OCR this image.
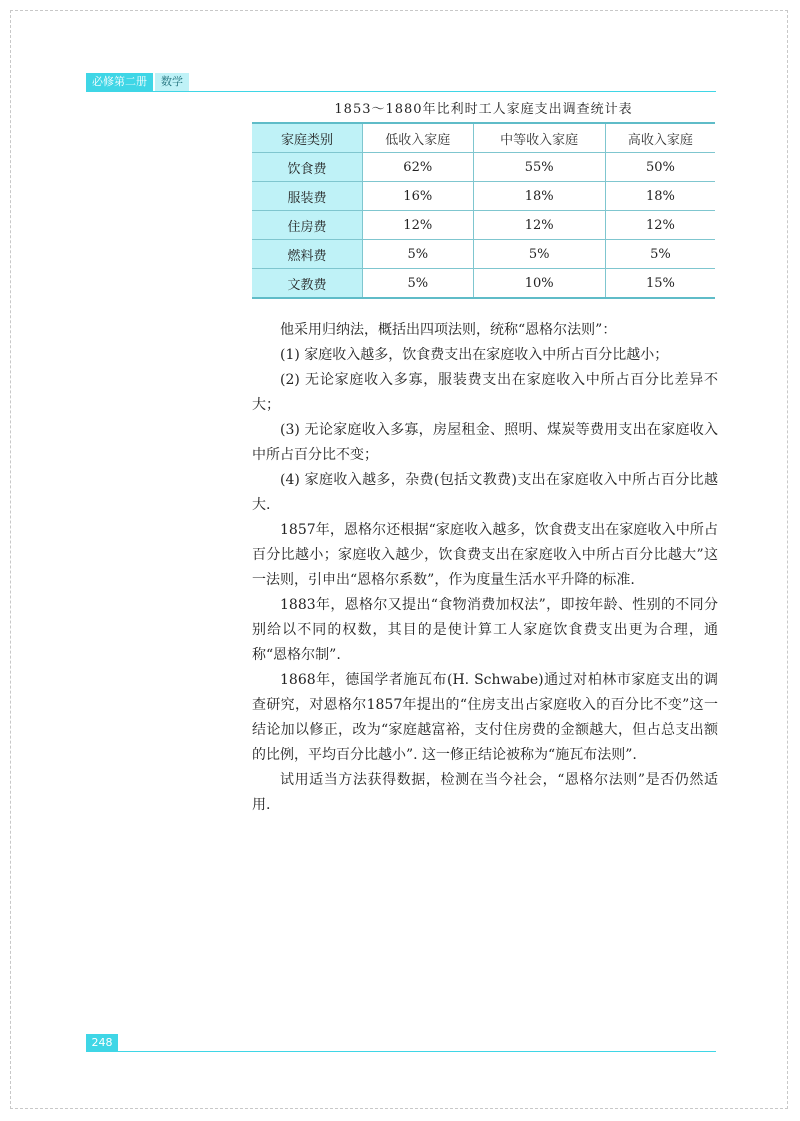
必修第二册	数学
1853～1880年比利时工人家庭支出调查统计表
家庭类别	低收入家庭	中等收入家庭	高收入家庭
饮食费	62%	55%	50%
服装费	16%	18%	18%
住房费	12%	12%	12%
燃料费	5%	5%	5%
文教费	5%	10%	15%

他采用归纳法，概括出四项法则，统称“恩格尔法则”：

(1) 家庭收入越多，饮食费支出在家庭收入中所占百分比越小；

(2) 无论家庭收入多寡，服装费支出在家庭收入中所占百分比差异不大；

(3) 无论家庭收入多寡，房屋租金、照明、煤炭等费用支出在家庭收入中所占百分比不变；

(4) 家庭收入越多，杂费(包括文教费)支出在家庭收入中所占百分比越大.

1857年，恩格尔还根据“家庭收入越多，饮食费支出在家庭收入中所占百分比越小；家庭收入越少，饮食费支出在家庭收入中所占百分比越大”这一法则，引申出“恩格尔系数”，作为度量生活水平升降的标准.

1883年，恩格尔又提出“食物消费加权法”，即按年龄、性别的不同分别给以不同的权数，其目的是使计算工人家庭饮食费支出更为合理，通称“恩格尔制”.

1868年，德国学者施瓦布(H. Schwabe)通过对柏林市家庭支出的调查研究，对恩格尔1857年提出的“住房支出占家庭收入的百分比不变”这一结论加以修正，改为“家庭越富裕，支付住房费的金额越大，但占总支出额的比例，平均百分比越小”. 这一修正结论被称为“施瓦布法则”.

试用适当方法获得数据，检测在当今社会，“恩格尔法则”是否仍然适用.

248
